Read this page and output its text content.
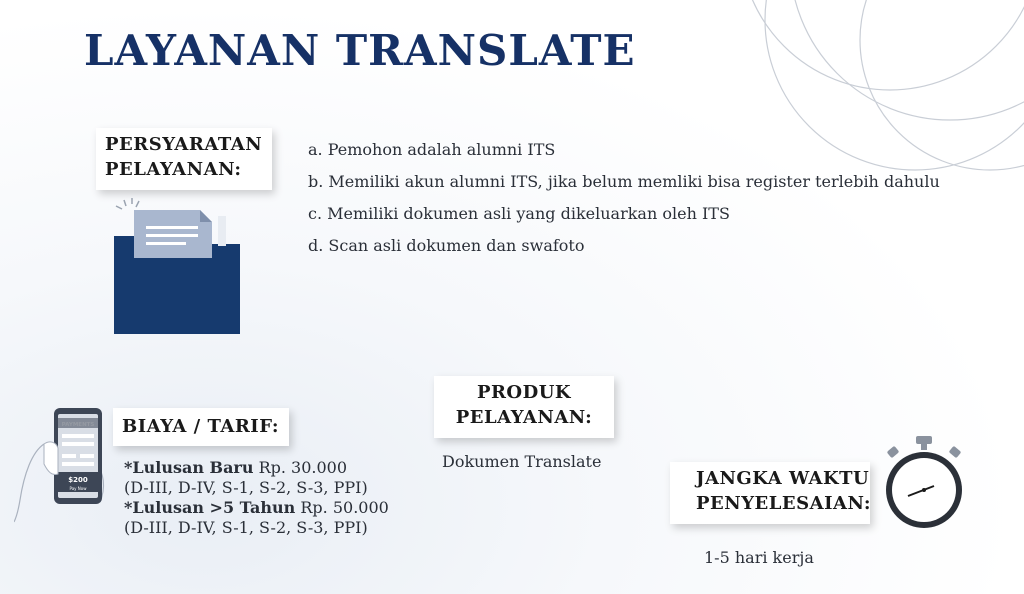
LAYANAN TRANSLATE
PERSYARATAN
PELAYANAN:
a. Pemohon adalah alumni ITS
b. Memiliki akun alumni ITS, jika belum memliki bisa register terlebih dahulu
c. Memiliki dokumen asli yang dikeluarkan oleh ITS
d. Scan asli dokumen dan swafoto
$200
Pay Now
BIAYA / TARIF:
*Lulusan Baru Rp. 30.000
(D-III, D-IV, S-1, S-2, S-3, PPI)
*Lulusan >5 Tahun Rp. 50.000
(D-III, D-IV, S-1, S-2, S-3, PPI)
PRODUK
PELAYANAN:
Dokumen Translate
JANGKA WAKTU
PENYELESAIAN:
1-5 hari kerja
